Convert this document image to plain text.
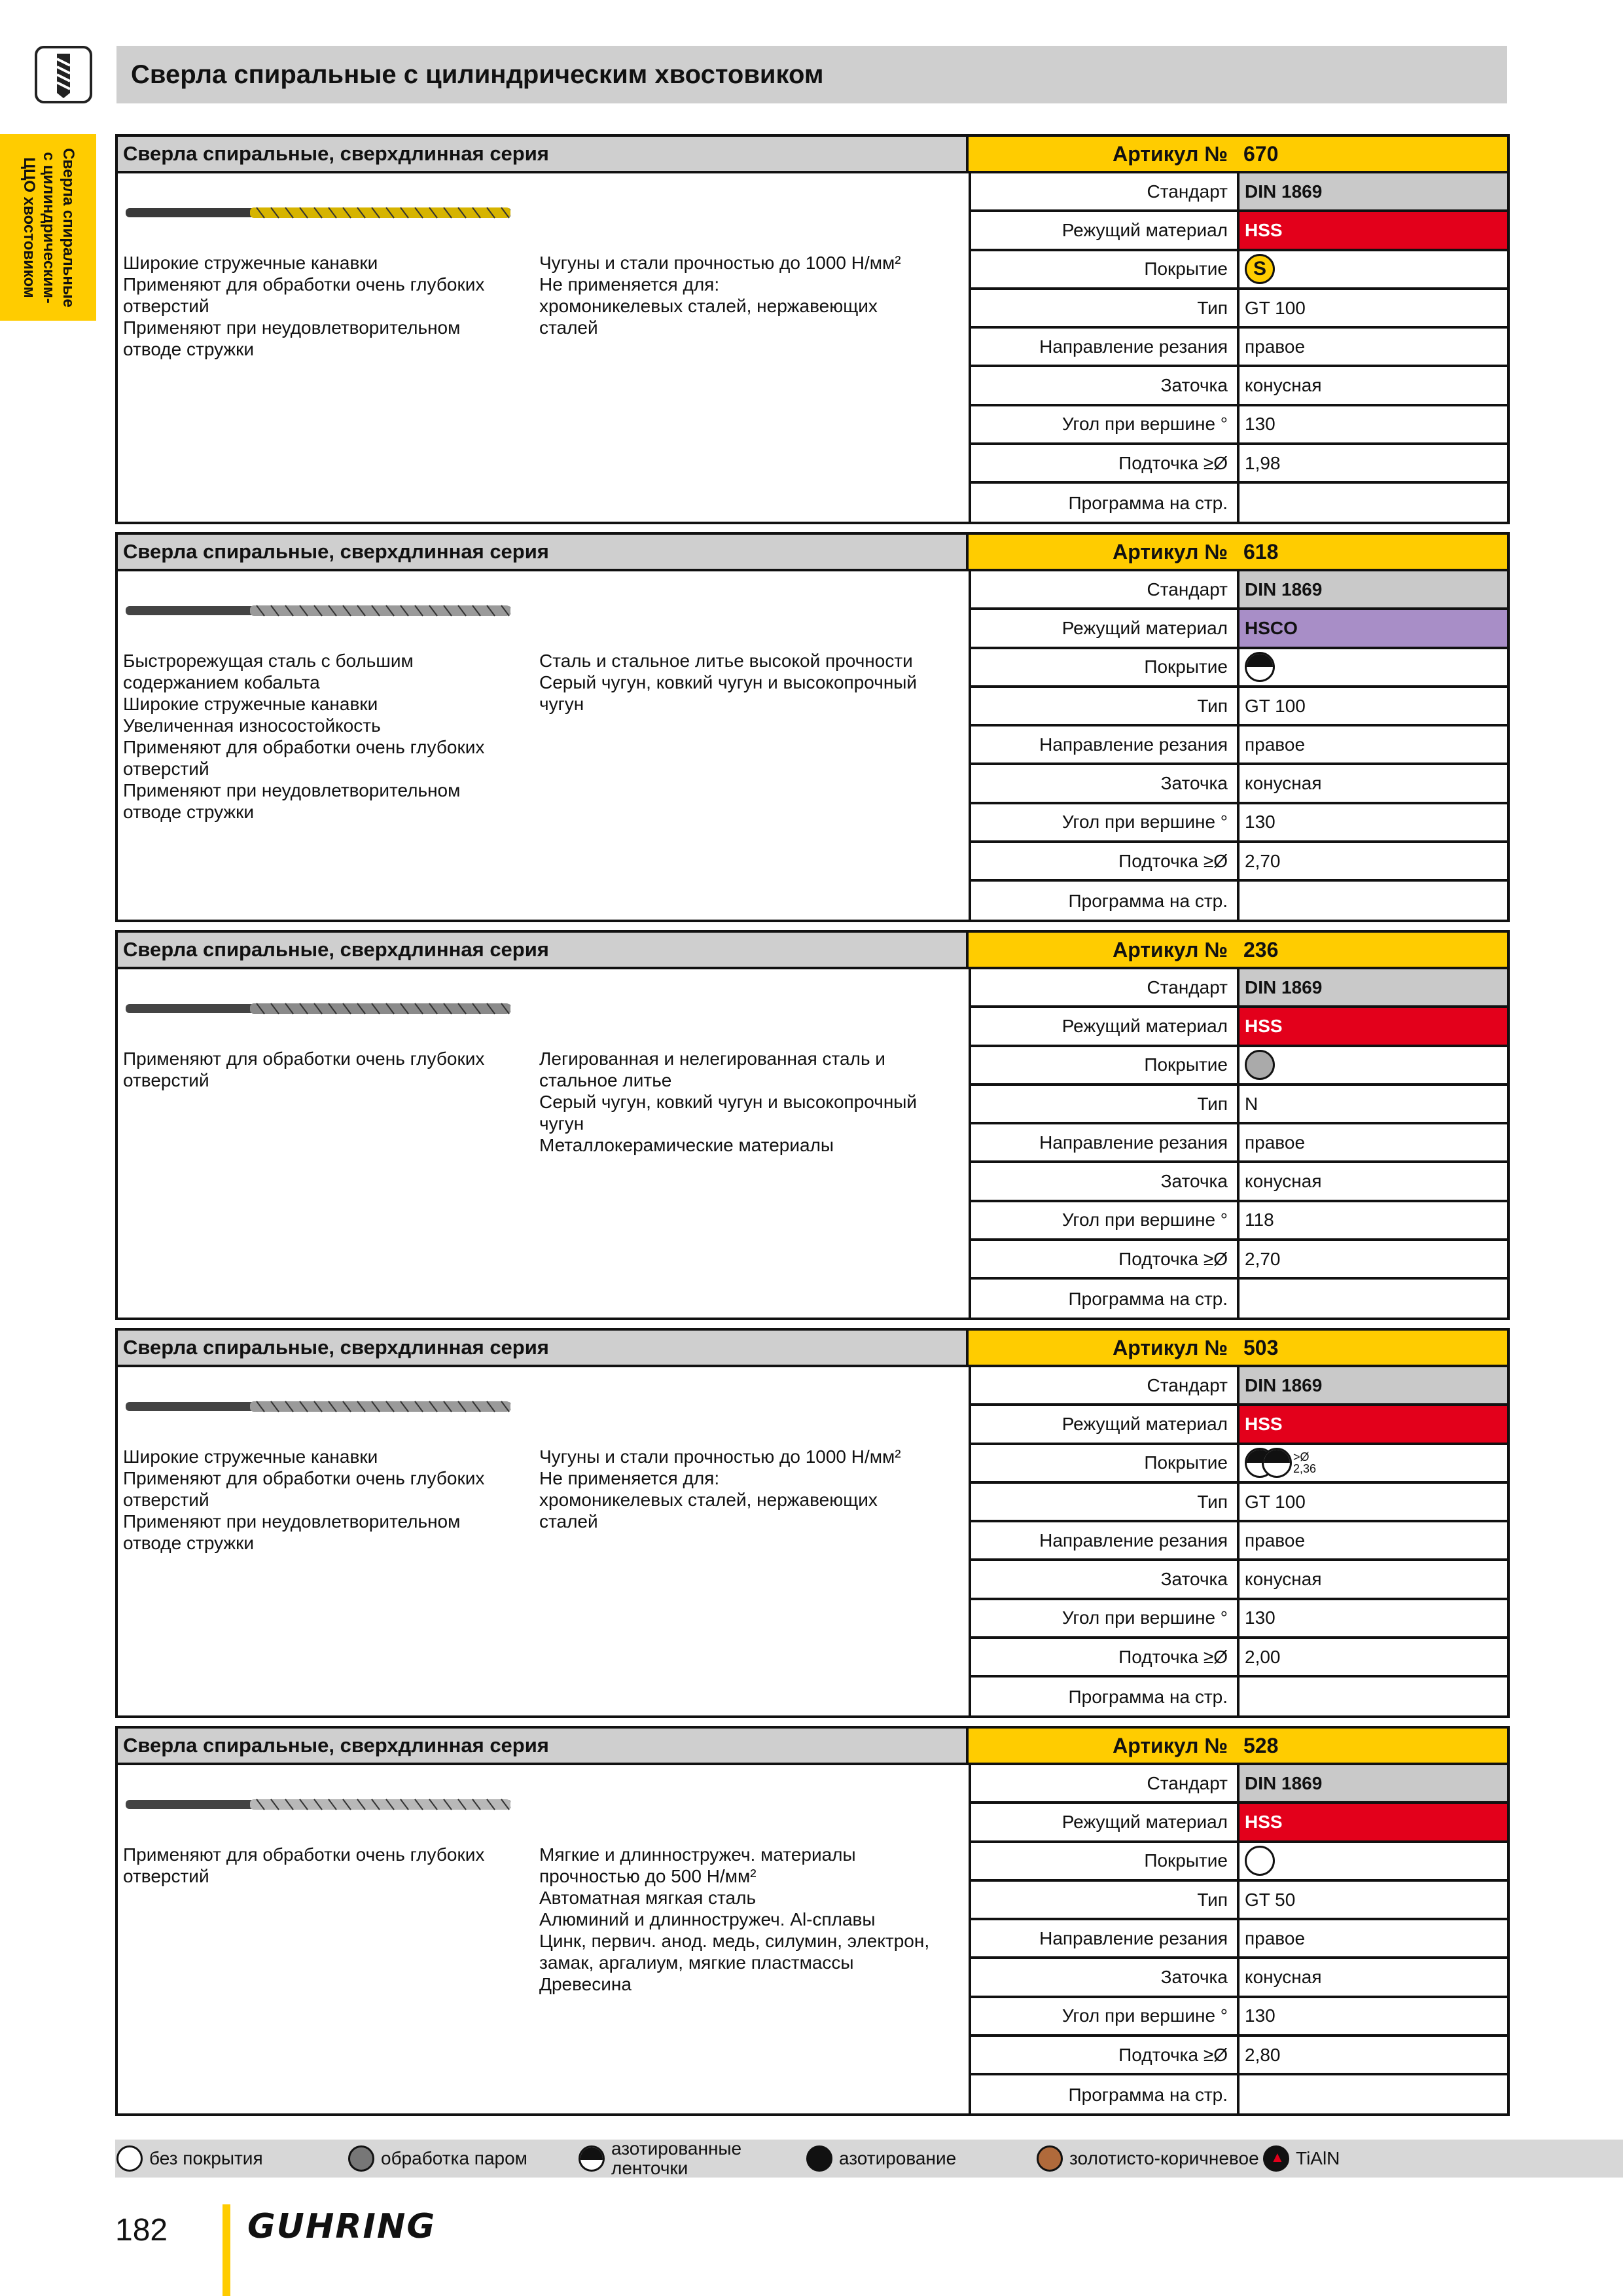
Сверла спиральные с цилиндрическим хвостовиком
Сверла спиральные
с цилиндрическим-
ЦЦО хвостовиком
Сверла спиральные, сверхдлинная серия	Артикул № 670
Широкие стружечные канавки
Применяют для обработки очень глубоких
отверстий
Применяют при неудовлетворительном
отводе стружки
Чугуны и стали прочностью до 1000 Н/мм²
Не применяется для:
хромоникелевых сталей, нержавеющих
сталей
Стандарт DIN 1869
Режущий материал HSS
Покрытие
S
Тип GT 100
Направление резания правое
Заточка конусная
Угол при вершине ° 130
Подточка ≥Ø 1,98
Программа на стр.
Сверла спиральные, сверхдлинная серия	Артикул № 618
Быстрорежущая сталь с большим
содержанием кобальта
Широкие стружечные канавки
Увеличенная износостойкость
Применяют для обработки очень глубоких
отверстий
Применяют при неудовлетворительном
отводе стружки
Сталь и стальное литье высокой прочности
Серый чугун, ковкий чугун и высокопрочный
чугун
Стандарт DIN 1869
Режущий материал HSCO
Покрытие
Тип GT 100
Направление резания правое
Заточка конусная
Угол при вершине ° 130
Подточка ≥Ø 2,70
Программа на стр.
Сверла спиральные, сверхдлинная серия	Артикул № 236
Применяют для обработки очень глубоких
отверстий
Легированная и нелегированная сталь и
стальное литье
Серый чугун, ковкий чугун и высокопрочный
чугун
Металлокерамические материалы
Стандарт DIN 1869
Режущий материал HSS
Покрытие
Тип N
Направление резания правое
Заточка конусная
Угол при вершине ° 118
Подточка ≥Ø 2,70
Программа на стр.
Сверла спиральные, сверхдлинная серия	Артикул № 503
Широкие стружечные канавки
Применяют для обработки очень глубоких
отверстий
Применяют при неудовлетворительном
отводе стружки
Чугуны и стали прочностью до 1000 Н/мм²
Не применяется для:
хромоникелевых сталей, нержавеющих
сталей
Стандарт DIN 1869
Режущий материал HSS
Покрытие	>Ø
2,36
Тип GT 100
Направление резания правое
Заточка конусная
Угол при вершине ° 130
Подточка ≥Ø 2,00
Программа на стр.
Сверла спиральные, сверхдлинная серия	Артикул № 528
Применяют для обработки очень глубоких
отверстий
Мягкие и длинностружеч. материалы
прочностью до 500 Н/мм²
Автоматная мягкая сталь
Алюминий и длинностружеч. Al-сплавы
Цинк, первич. анод. медь, силумин, электрон,
замак, аргалиум, мягкие пластмассы
Древесина
Стандарт DIN 1869
Режущий материал HSS
Покрытие
Тип GT 50
Направление резания правое
Заточка конусная
Угол при вершине ° 130
Подточка ≥Ø 2,80
Программа на стр.
без покрытия	обработка паром	азотированные
ленточки	азотирование	золотисто-коричневое
▲ TiAlN
182 GUHRING
